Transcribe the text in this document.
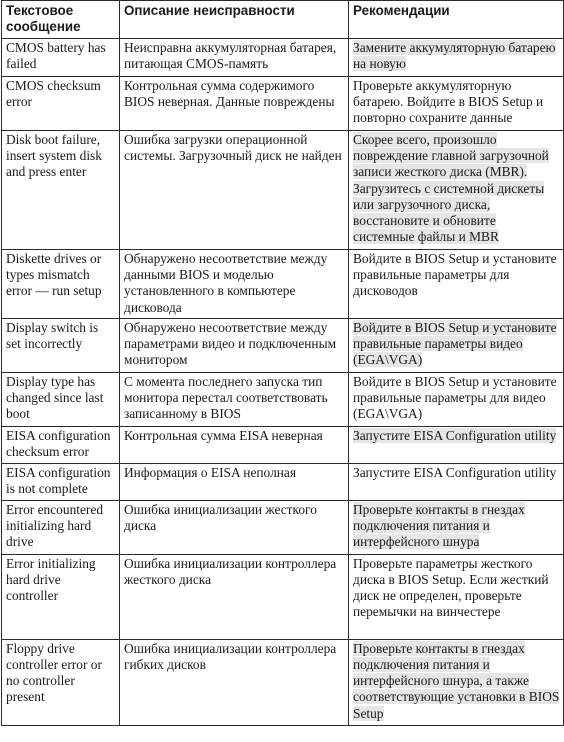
Текстовое сообщение	Описание неисправности	Рекомендации
CMOS battery has failed	Неисправна аккумуляторная батарея, питающая CMOS-память	Замените аккумуляторную батарею на новую
CMOS checksum error	Контрольная сумма содержимого BIOS неверная. Данные повреждены	Проверьте аккумуляторную батарею. Войдите в BIOS Setup и повторно сохраните данные
Disk boot failure, insert system disk and press enter	Ошибка загрузки операционной системы. Загрузочный диск не найден	Скорее всего, произошло повреждение главной загрузочной записи жесткого диска (MBR). Загрузитесь с системной дискеты или загрузочного диска, восстановите и обновите системные файлы и MBR
Diskette drives or types mismatch error — run setup	Обнаружено несоответствие между данными BIOS и моделью установленного в компьютере дисковода	Войдите в BIOS Setup и установите правильные параметры для дисководов
Display switch is set incorrectly	Обнаружено несоответствие между параметрами видео и подключенным монитором	Войдите в BIOS Setup и установите правильные параметры видео (EGA\VGA)
Display type has changed since last boot	С момента последнего запуска тип монитора перестал соответствовать записанному в BIOS	Войдите в BIOS Setup и установите правильные параметры для видео (EGA\VGA)
EISA configuration checksum error	Контрольная сумма EISA неверная	Запустите EISA Configuration utility
EISA configuration is not complete	Информация о EISA неполная	Запустите EISA Configuration utility
Error encountered initializing hard drive	Ошибка инициализации жесткого диска	Проверьте контакты в гнездах подключения питания и интерфейсного шнура
Error initializing hard drive controller	Ошибка инициализации контроллера жесткого диска	Проверьте параметры жесткого диска в BIOS Setup. Если жесткий диск не определен, проверьте перемычки на винчестере
Floppy drive controller error or no controller present	Ошибка инициализации контроллера гибких дисков	Проверьте контакты в гнездах подключения питания и интерфейсного шнура, а также соответствующие установки в BIOS Setup
